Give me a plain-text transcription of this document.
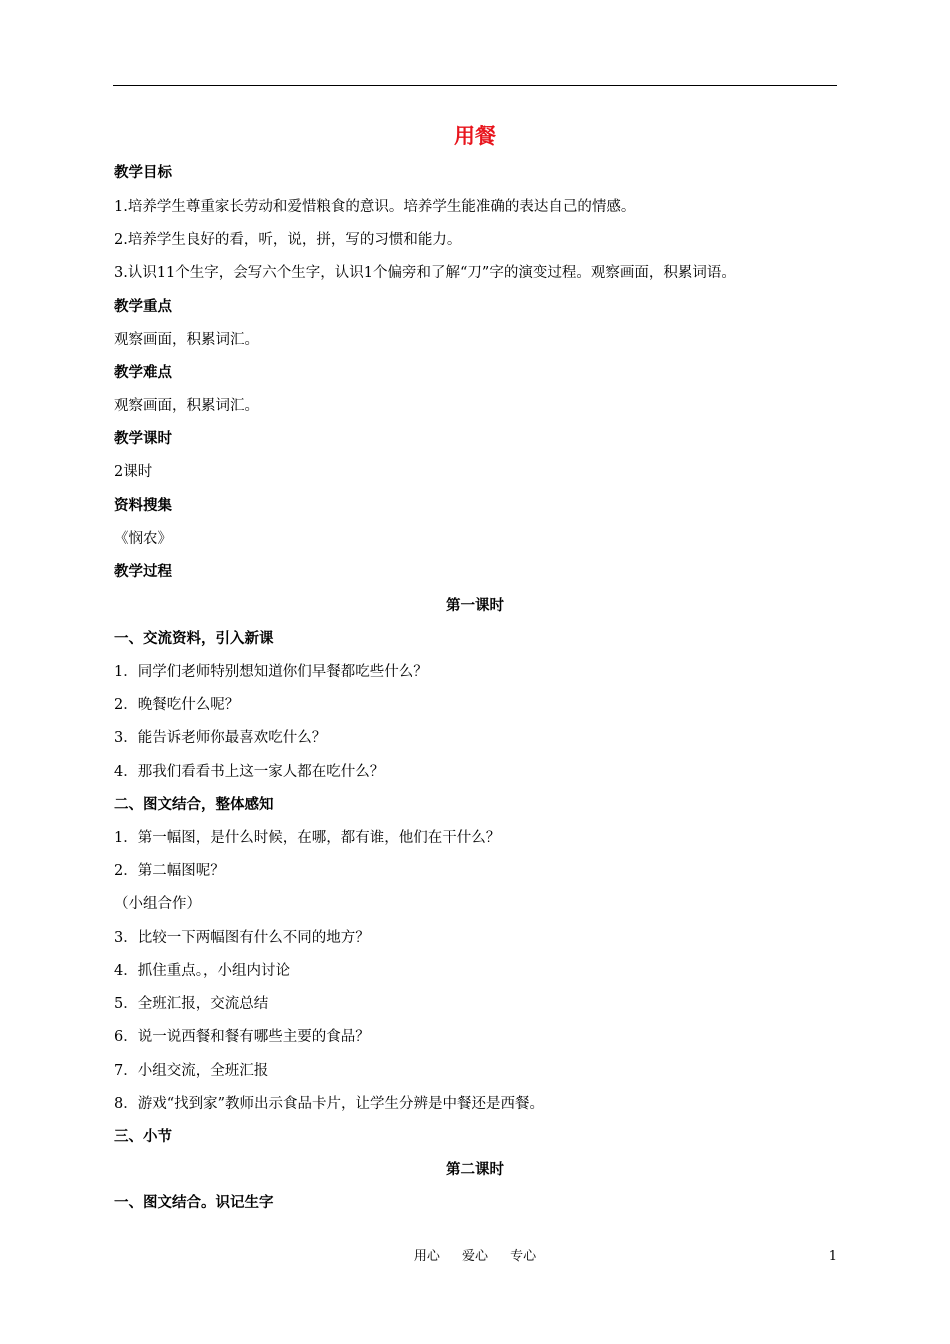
用餐
教学目标
1.培养学生尊重家长劳动和爱惜粮食的意识。培养学生能准确的表达自己的情感。
2.培养学生良好的看，听，说，拼，写的习惯和能力。
3.认识11个生字，会写六个生字，认识1个偏旁和了解“刀”字的演变过程。观察画面，积累词语。
教学重点
观察画面，积累词汇。
教学难点
观察画面，积累词汇。
教学课时
2课时
资料搜集
《悯农》
教学过程
第一课时
一、交流资料，引入新课
1．同学们老师特别想知道你们早餐都吃些什么？
2．晚餐吃什么呢？
3．能告诉老师你最喜欢吃什么？
4．那我们看看书上这一家人都在吃什么？
二、图文结合，整体感知
1．第一幅图，是什么时候，在哪，都有谁，他们在干什么？
2．第二幅图呢？
（小组合作）
3．比较一下两幅图有什么不同的地方？
4．抓住重点。，小组内讨论
5．全班汇报，交流总结
6．说一说西餐和餐有哪些主要的食品？
7．小组交流，全班汇报
8．游戏“找到家”教师出示食品卡片，让学生分辨是中餐还是西餐。
三、小节
第二课时
一、图文结合。识记生字
用心 爱心 专心	1
